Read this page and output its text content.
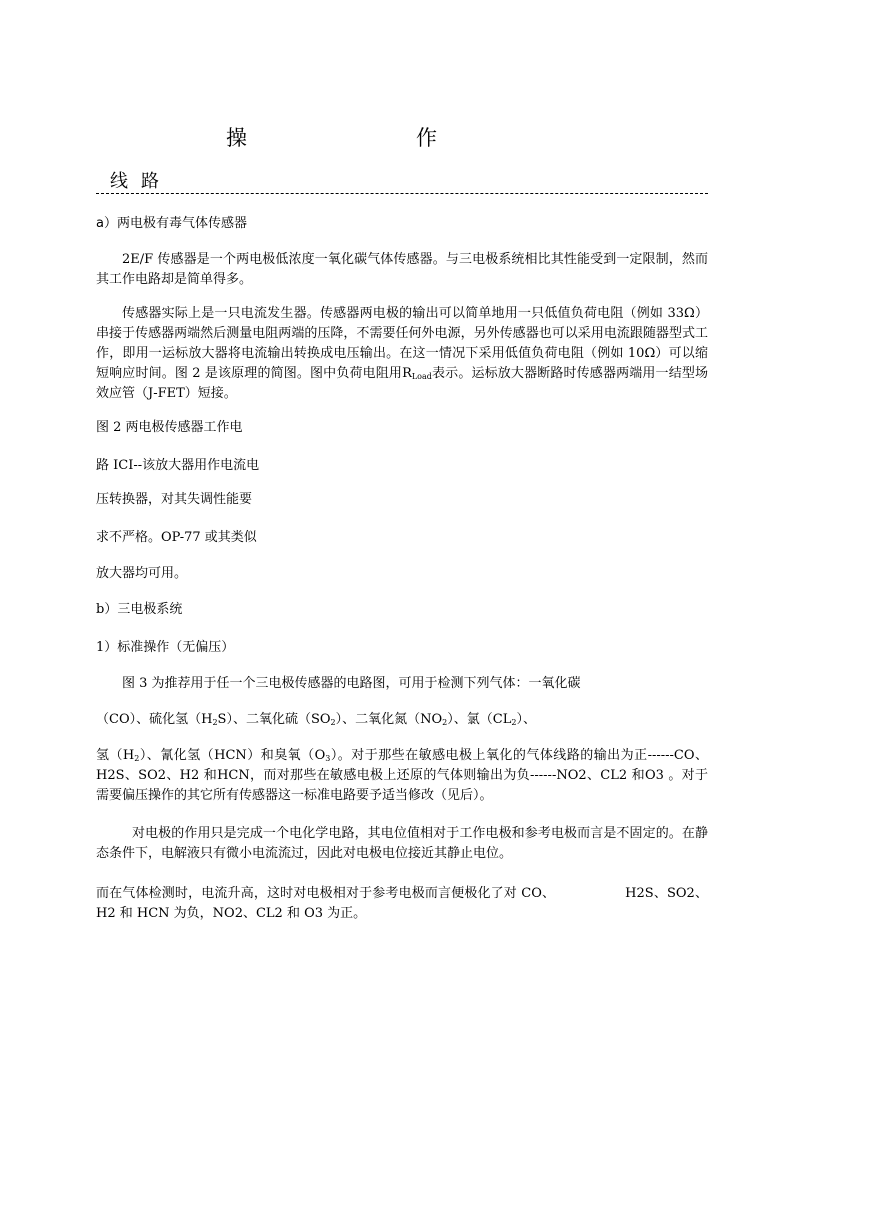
操　作
线路
a）两电极有毒气体传感器

2E/F 传感器是一个两电极低浓度一氧化碳气体传感器。与三电极系统相比其性能受到一定限制，然而其工作电路却是简单得多。

传感器实际上是一只电流发生器。传感器两电极的输出可以简单地用一只低值负荷电阻（例如 33Ω）串接于传感器两端然后测量电阻两端的压降，不需要任何外电源，另外传感器也可以采用电流跟随器型式工作，即用一运标放大器将电流输出转换成电压输出。在这一情况下采用低值负荷电阻（例如 10Ω）可以缩短响应时间。图 2 是该原理的简图。图中负荷电阻用$R_{Load}$表示。运标放大器断路时传感器两端用一结型场效应管（J-FET）短接。

图 2 两电极传感器工作电
路 ICI--该放大器用作电流电
压转换器，对其失调性能要
求不严格。OP-77 或其类似
放大器均可用。
b）三电极系统
1）标准操作（无偏压）
图 3 为推荐用于任一个三电极传感器的电路图，可用于检测下列气体：一氧化碳
（CO）、硫化氢$(H_2S)$、二氧化硫$(SO_2)$、二氧化氮$(NO_2)$、氯$(CL_2)$、

氢$(H_2)$、氰化氢（HCN）和臭氧$(O_3)$。对于那些在敏感电极上氧化的气体线路的输出为正------CO、H2S、SO2、H2 和HCN，而对那些在敏感电极上还原的气体则输出为负------NO2、CL2 和O3 。对于需要偏压操作的其它所有传感器这一标准电路要予适当修改（见后）。

对电极的作用只是完成一个电化学电路，其电位值相对于工作电极和参考电极而言是不固定的。在静态条件下，电解液只有微小电流流过，因此对电极电位接近其静止电位。

而在气体检测时，电流升高，这时对电极相对于参考电极而言便极化了对 CO、	H2S、SO2、H2 和 HCN 为负，NO2、CL2 和 O3 为正。
